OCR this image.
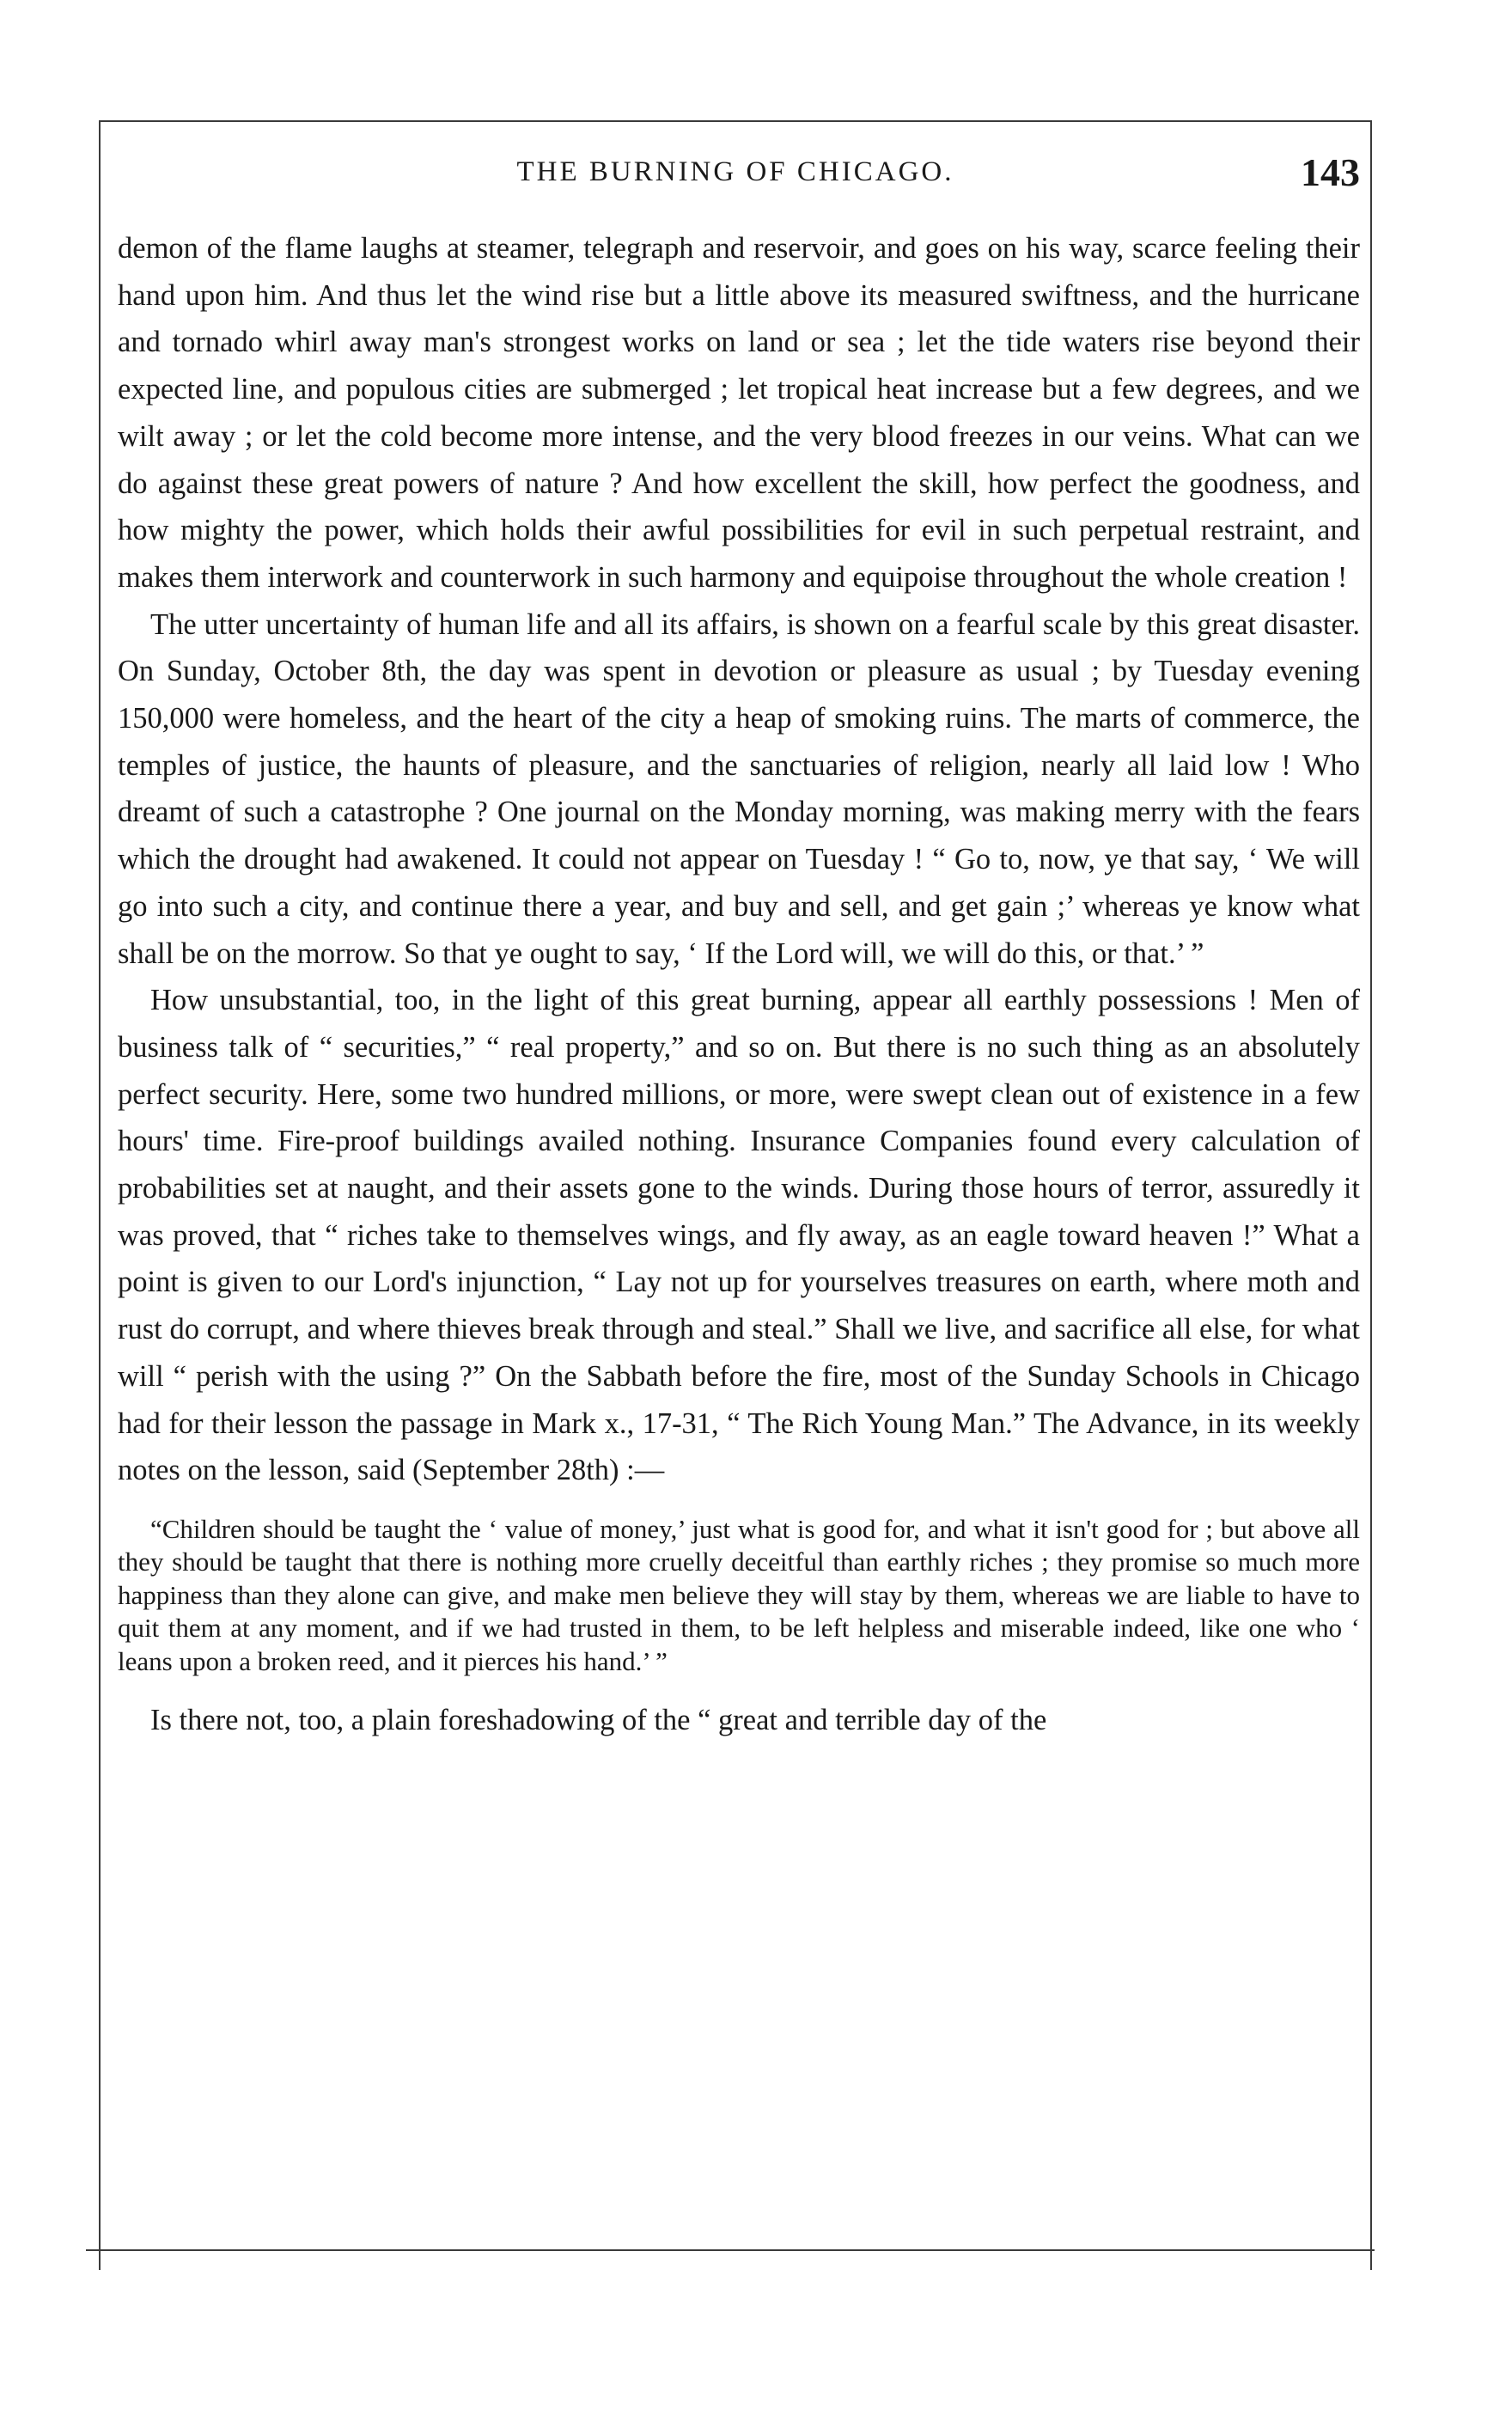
THE BURNING OF CHICAGO.	143

demon of the flame laughs at steamer, telegraph and reservoir, and goes on his way, scarce feeling their hand upon him. And thus let the wind rise but a little above its measured swiftness, and the hurricane and tornado whirl away man's strongest works on land or sea ; let the tide waters rise beyond their expected line, and populous cities are submerged ; let tropical heat increase but a few degrees, and we wilt away ; or let the cold become more intense, and the very blood freezes in our veins. What can we do against these great powers of nature ? And how excellent the skill, how perfect the goodness, and how mighty the power, which holds their awful possibilities for evil in such perpetual restraint, and makes them interwork and counterwork in such harmony and equipoise throughout the whole creation !

The utter uncertainty of human life and all its affairs, is shown on a fearful scale by this great disaster. On Sunday, October 8th, the day was spent in devotion or pleasure as usual ; by Tuesday evening 150,000 were homeless, and the heart of the city a heap of smoking ruins. The marts of commerce, the temples of justice, the haunts of pleasure, and the sanctuaries of religion, nearly all laid low ! Who dreamt of such a catastrophe ? One journal on the Monday morning, was making merry with the fears which the drought had awakened. It could not appear on Tuesday ! “ Go to, now, ye that say, ‘ We will go into such a city, and continue there a year, and buy and sell, and get gain ;’ whereas ye know what shall be on the morrow. So that ye ought to say, ‘ If the Lord will, we will do this, or that.’ ”

How unsubstantial, too, in the light of this great burning, appear all earthly possessions ! Men of business talk of “ securities,” “ real property,” and so on. But there is no such thing as an absolutely perfect security. Here, some two hundred millions, or more, were swept clean out of existence in a few hours' time. Fire-proof buildings availed nothing. Insurance Companies found every calculation of probabilities set at naught, and their assets gone to the winds. During those hours of terror, assuredly it was proved, that “ riches take to themselves wings, and fly away, as an eagle toward heaven !” What a point is given to our Lord's injunction, “ Lay not up for yourselves treasures on earth, where moth and rust do corrupt, and where thieves break through and steal.” Shall we live, and sacrifice all else, for what will “ perish with the using ?” On the Sabbath before the fire, most of the Sunday Schools in Chicago had for their lesson the passage in Mark x., 17-31, “ The Rich Young Man.” The Advance, in its weekly notes on the lesson, said (September 28th) :—

“Children should be taught the ‘ value of money,’ just what is good for, and what it isn't good for ; but above all they should be taught that there is nothing more cruelly deceitful than earthly riches ; they promise so much more happiness than they alone can give, and make men believe they will stay by them, whereas we are liable to have to quit them at any moment, and if we had trusted in them, to be left helpless and miserable indeed, like one who ‘ leans upon a broken reed, and it pierces his hand.’ ”

Is there not, too, a plain foreshadowing of the “ great and terrible day of the
